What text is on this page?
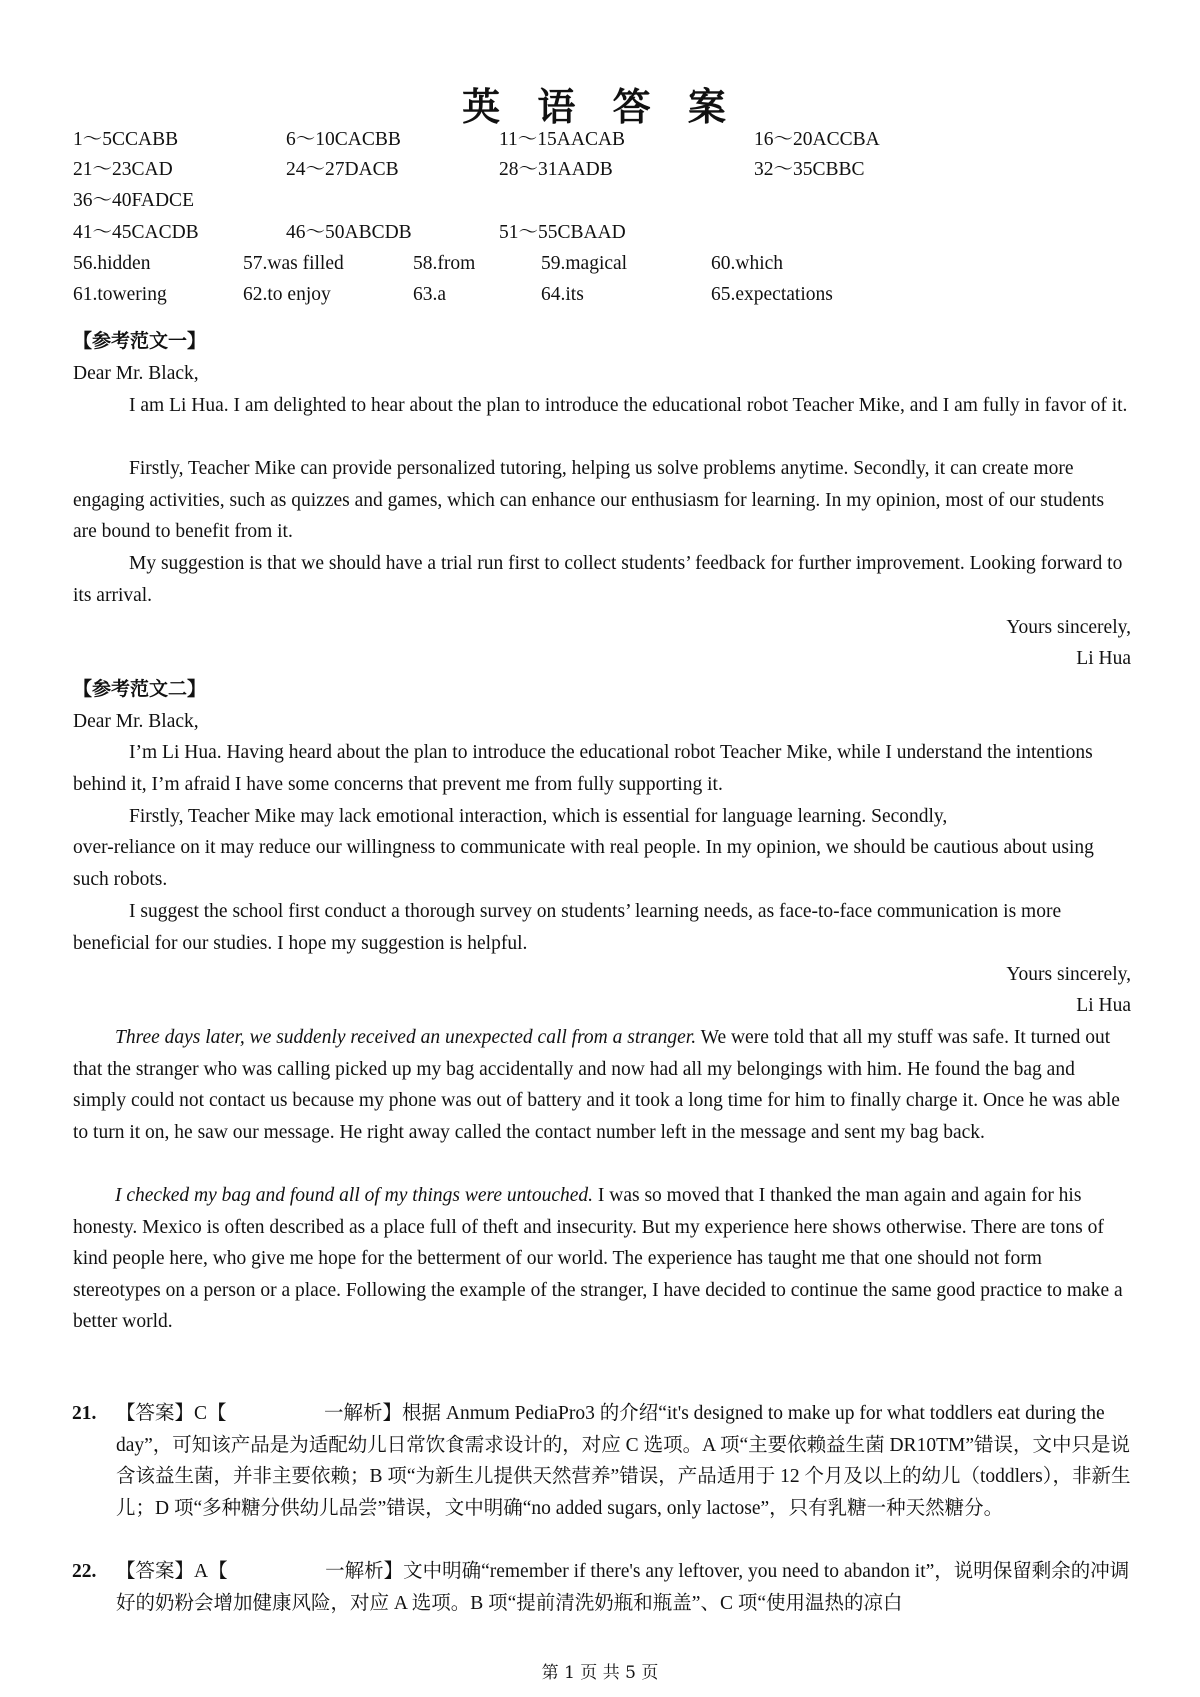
英 语 答 案
1～5CCABB	6～10CACBB	11～15AACAB	16～20ACCBA
21～23CAD	24～27DACB	28～31AADB	32～35CBBC
36～40FADCE
41～45CACDB	46～50ABCDB	51～55CBAAD
56.hidden	57.was filled	58.from	59.magical	60.which
61.towering	62.to enjoy	63.a	64.its	65.expectations
【参考范文一】
Dear Mr. Black,
I am Li Hua. I am delighted to hear about the plan to introduce the educational robot Teacher Mike, and I am fully in favor of it.
Firstly, Teacher Mike can provide personalized tutoring, helping us solve problems anytime. Secondly, it can create more engaging activities, such as quizzes and games, which can enhance our enthusiasm for learning. In my opinion, most of our students are bound to benefit from it.
My suggestion is that we should have a trial run first to collect students’ feedback for further improvement. Looking forward to its arrival.
Yours sincerely,
Li Hua
【参考范文二】
Dear Mr. Black,
I’m Li Hua. Having heard about the plan to introduce the educational robot Teacher Mike, while I understand the intentions behind it, I’m afraid I have some concerns that prevent me from fully supporting it.
Firstly, Teacher Mike may lack emotional interaction, which is essential for language learning. Secondly,
over-reliance on it may reduce our willingness to communicate with real people. In my opinion, we should be cautious about using such robots.
I suggest the school first conduct a thorough survey on students’ learning needs, as face-to-face communication is more beneficial for our studies. I hope my suggestion is helpful.
Yours sincerely,
Li Hua
Three days later, we suddenly received an unexpected call from a stranger. We were told that all my stuff was safe. It turned out that the stranger who was calling picked up my bag accidentally and now had all my belongings with him. He found the bag and simply could not contact us because my phone was out of battery and it took a long time for him to finally charge it. Once he was able to turn it on, he saw our message. He right away called the contact number left in the message and sent my bag back.
I checked my bag and found all of my things were untouched. I was so moved that I thanked the man again and again for his honesty. Mexico is often described as a place full of theft and insecurity. But my experience here shows otherwise. There are tons of kind people here, who give me hope for the betterment of our world. The experience has taught me that one should not form stereotypes on a person or a place. Following the example of the stranger, I have decided to continue the same good practice to make a better world.
21. 【答案】C【　　　　　一解析】根据 Anmum PediaPro3 的介绍“it's designed to make up for what toddlers eat during the day”，可知该产品是为适配幼儿日常饮食需求设计的，对应 C 选项。A 项“主要依赖益生菌 DR10TM”错误，文中只是说含该益生菌，并非主要依赖；B 项“为新生儿提供天然营养”错误，产品适用于 12 个月及以上的幼儿（toddlers），非新生儿；D 项“多种糖分供幼儿品尝”错误，文中明确“no added sugars, only lactose”，只有乳糖一种天然糖分。
22. 【答案】A【　　　　　一解析】文中明确“remember if there's any leftover, you need to abandon it”，说明保留剩余的冲调好的奶粉会增加健康风险，对应 A 选项。B 项“提前清洗奶瓶和瓶盖”、C 项“使用温热的凉白
第 1 页 共 5 页
